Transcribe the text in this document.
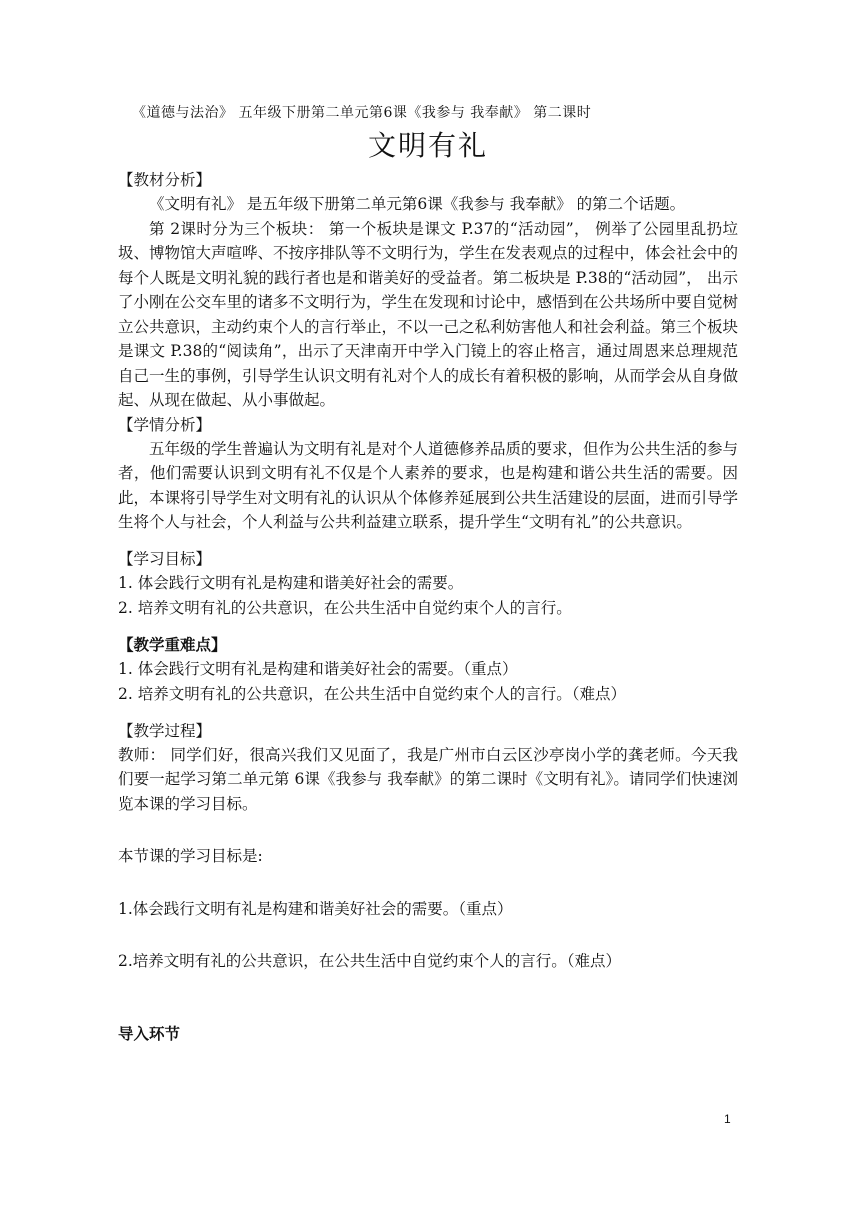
《道德与法治》 五年级下册第二单元第6课《我参与 我奉献》 第二课时
文明有礼
【教材分析】

《文明有礼》 是五年级下册第二单元第6课《我参与 我奉献》 的第二个话题。

第 2课时分为三个板块： 第一个板块是课文 P.37的“活动园”， 例举了公园里乱扔垃圾、博物馆大声喧哗、不按序排队等不文明行为，学生在发表观点的过程中，体会社会中的每个人既是文明礼貌的践行者也是和谐美好的受益者。第二板块是 P.38的“活动园”， 出示了小刚在公交车里的诸多不文明行为，学生在发现和讨论中，感悟到在公共场所中要自觉树立公共意识，主动约束个人的言行举止，不以一己之私利妨害他人和社会利益。第三个板块是课文 P.38的“阅读角”，出示了天津南开中学入门镜上的容止格言，通过周恩来总理规范自己一生的事例，引导学生认识文明有礼对个人的成长有着积极的影响，从而学会从自身做起、从现在做起、从小事做起。

【学情分析】

五年级的学生普遍认为文明有礼是对个人道德修养品质的要求，但作为公共生活的参与者，他们需要认识到文明有礼不仅是个人素养的要求，也是构建和谐公共生活的需要。因此，本课将引导学生对文明有礼的认识从个体修养延展到公共生活建设的层面，进而引导学生将个人与社会，个人利益与公共利益建立联系，提升学生“文明有礼”的公共意识。

【学习目标】
1. 体会践行文明有礼是构建和谐美好社会的需要。
2. 培养文明有礼的公共意识，在公共生活中自觉约束个人的言行。
【教学重难点】
1. 体会践行文明有礼是构建和谐美好社会的需要。（重点）
2. 培养文明有礼的公共意识，在公共生活中自觉约束个人的言行。（难点）
【教学过程】

教师： 同学们好，很高兴我们又见面了，我是广州市白云区沙亭岗小学的龚老师。今天我们要一起学习第二单元第 6课《我参与 我奉献》的第二课时《文明有礼》。请同学们快速浏览本课的学习目标。

本节课的学习目标是:

1.体会践行文明有礼是构建和谐美好社会的需要。（重点）

2.培养文明有礼的公共意识，在公共生活中自觉约束个人的言行。（难点）

导入环节
1
